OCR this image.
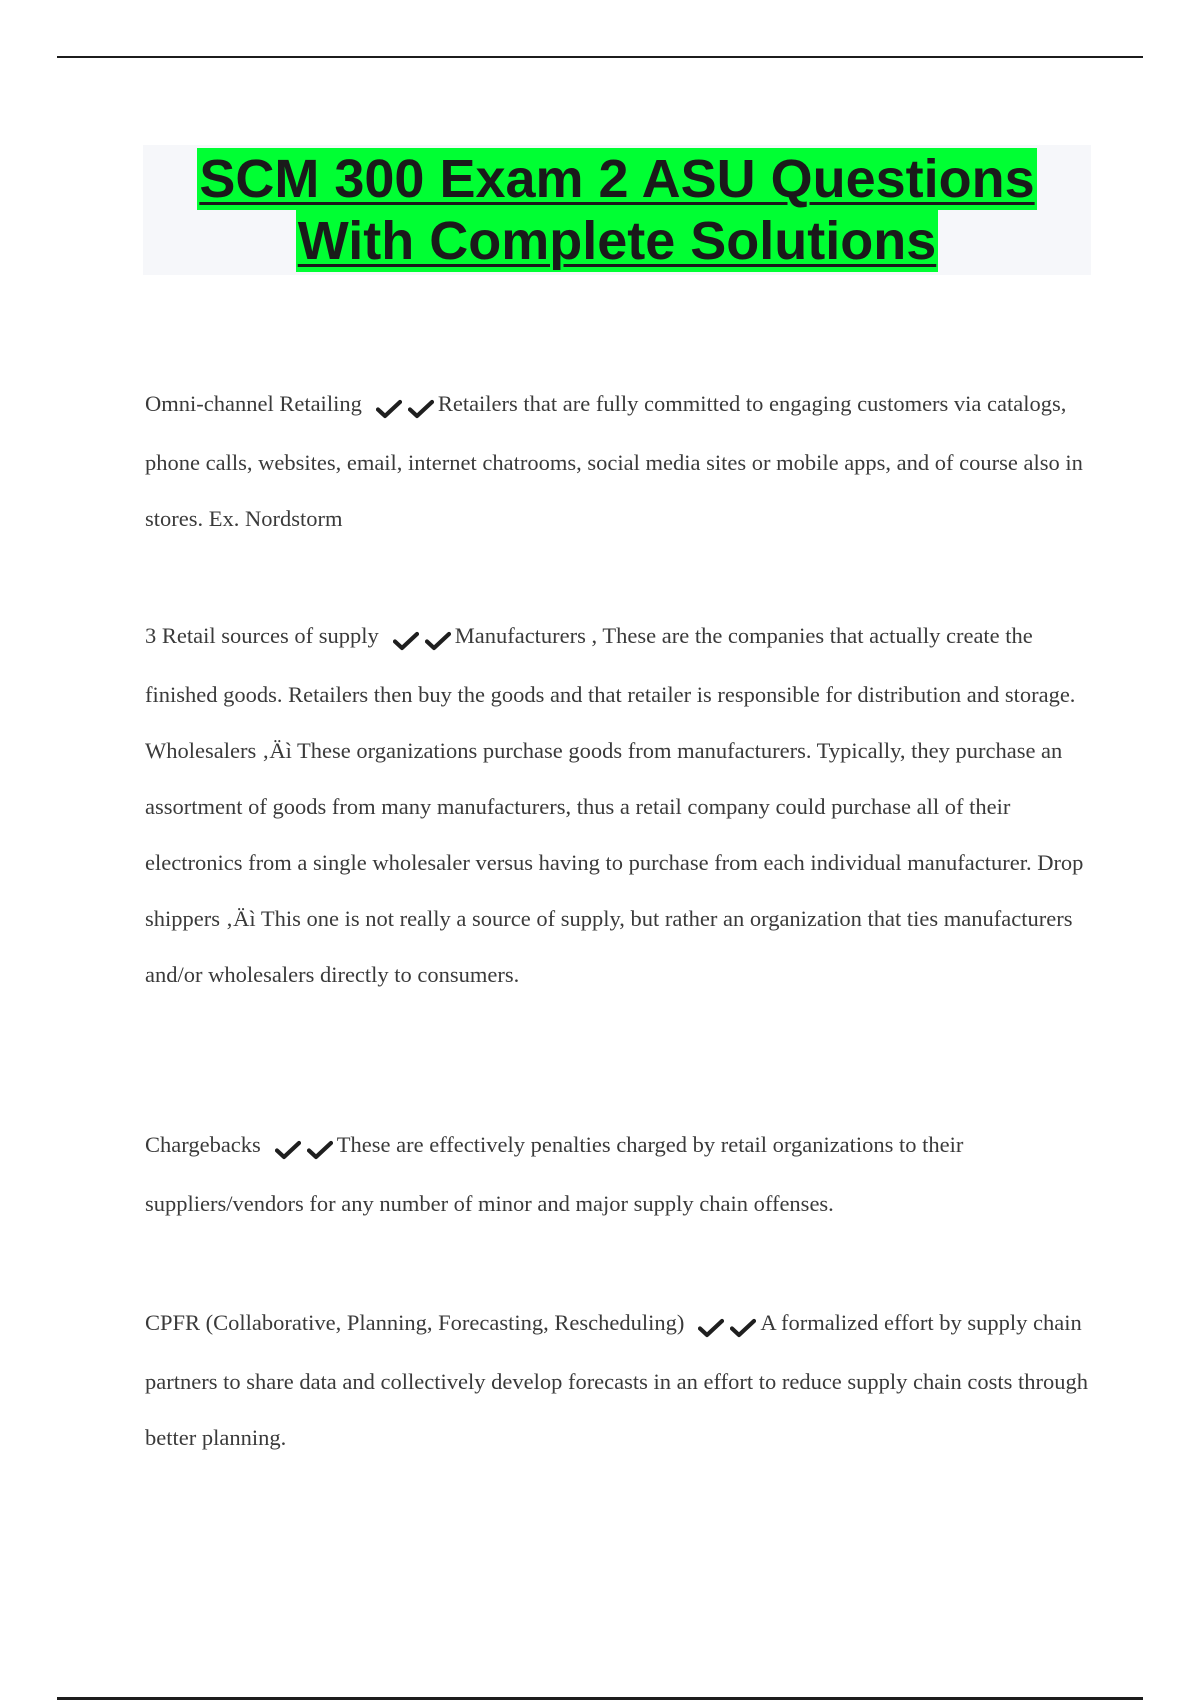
SCM 300 Exam 2 ASU Questions
With Complete Solutions

Omni-channel Retailing	Retailers that are fully committed to engaging customers via catalogs, phone calls, websites, email, internet chatrooms, social media sites or mobile apps, and of course also in stores. Ex. Nordstorm

3 Retail sources of supply	Manufacturers , These are the companies that actually create the finished goods. Retailers then buy the goods and that retailer is responsible for distribution and storage. Wholesalers ‚Äì These organizations purchase goods from manufacturers. Typically, they purchase an assortment of goods from many manufacturers, thus a retail company could purchase all of their electronics from a single wholesaler versus having to purchase from each individual manufacturer. Drop shippers ‚Äì This one is not really a source of supply, but rather an organization that ties manufacturers and/or wholesalers directly to consumers.

Chargebacks	These are effectively penalties charged by retail organizations to their suppliers/vendors for any number of minor and major supply chain offenses.

CPFR (Collaborative, Planning, Forecasting, Rescheduling)	A formalized effort by supply chain partners to share data and collectively develop forecasts in an effort to reduce supply chain costs through better planning.
